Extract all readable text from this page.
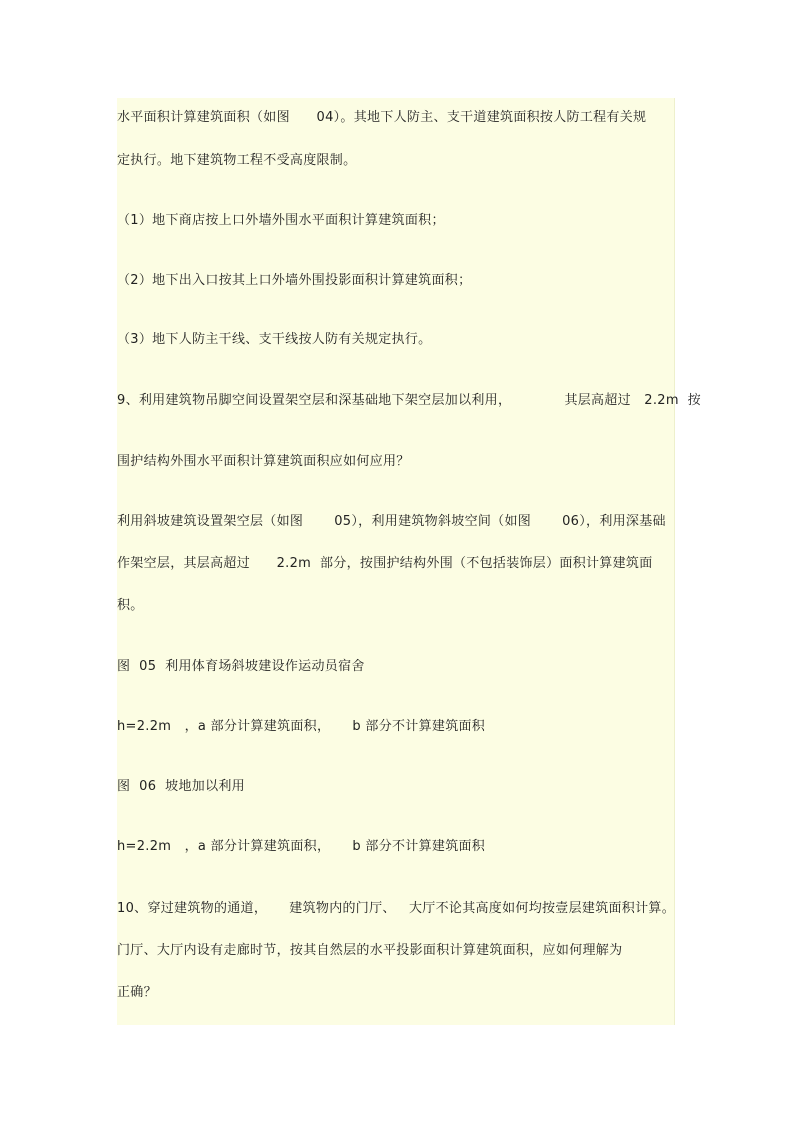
水平面积计算建筑面积（如图      04）。其地下人防主、支干道建筑面积按人防工程有关规
定执行。地下建筑物工程不受高度限制。
（1）地下商店按上口外墙外围水平面积计算建筑面积；
（2）地下出入口按其上口外墙外围投影面积计算建筑面积；
（3）地下人防主干线、支干线按人防有关规定执行。
9、利用建筑物吊脚空间设置架空层和深基础地下架空层加以利用，            其层高超过   2.2m  按
围护结构外围水平面积计算建筑面积应如何应用？
利用斜坡建筑设置架空层（如图       05），利用建筑物斜坡空间（如图       06），利用深基础
作架空层，其层高超过      2.2m  部分，按围护结构外围（不包括装饰层）面积计算建筑面
积。
图  05  利用体育场斜坡建设作运动员宿舍
h=2.2m   ，a 部分计算建筑面积，     b 部分不计算建筑面积
图  06  坡地加以利用
h=2.2m   ，a 部分计算建筑面积，     b 部分不计算建筑面积
10、穿过建筑物的通道，     建筑物内的门厅、   大厅不论其高度如何均按壹层建筑面积计算。
门厅、大厅内设有走廊时节，按其自然层的水平投影面积计算建筑面积，应如何理解为
正确？
